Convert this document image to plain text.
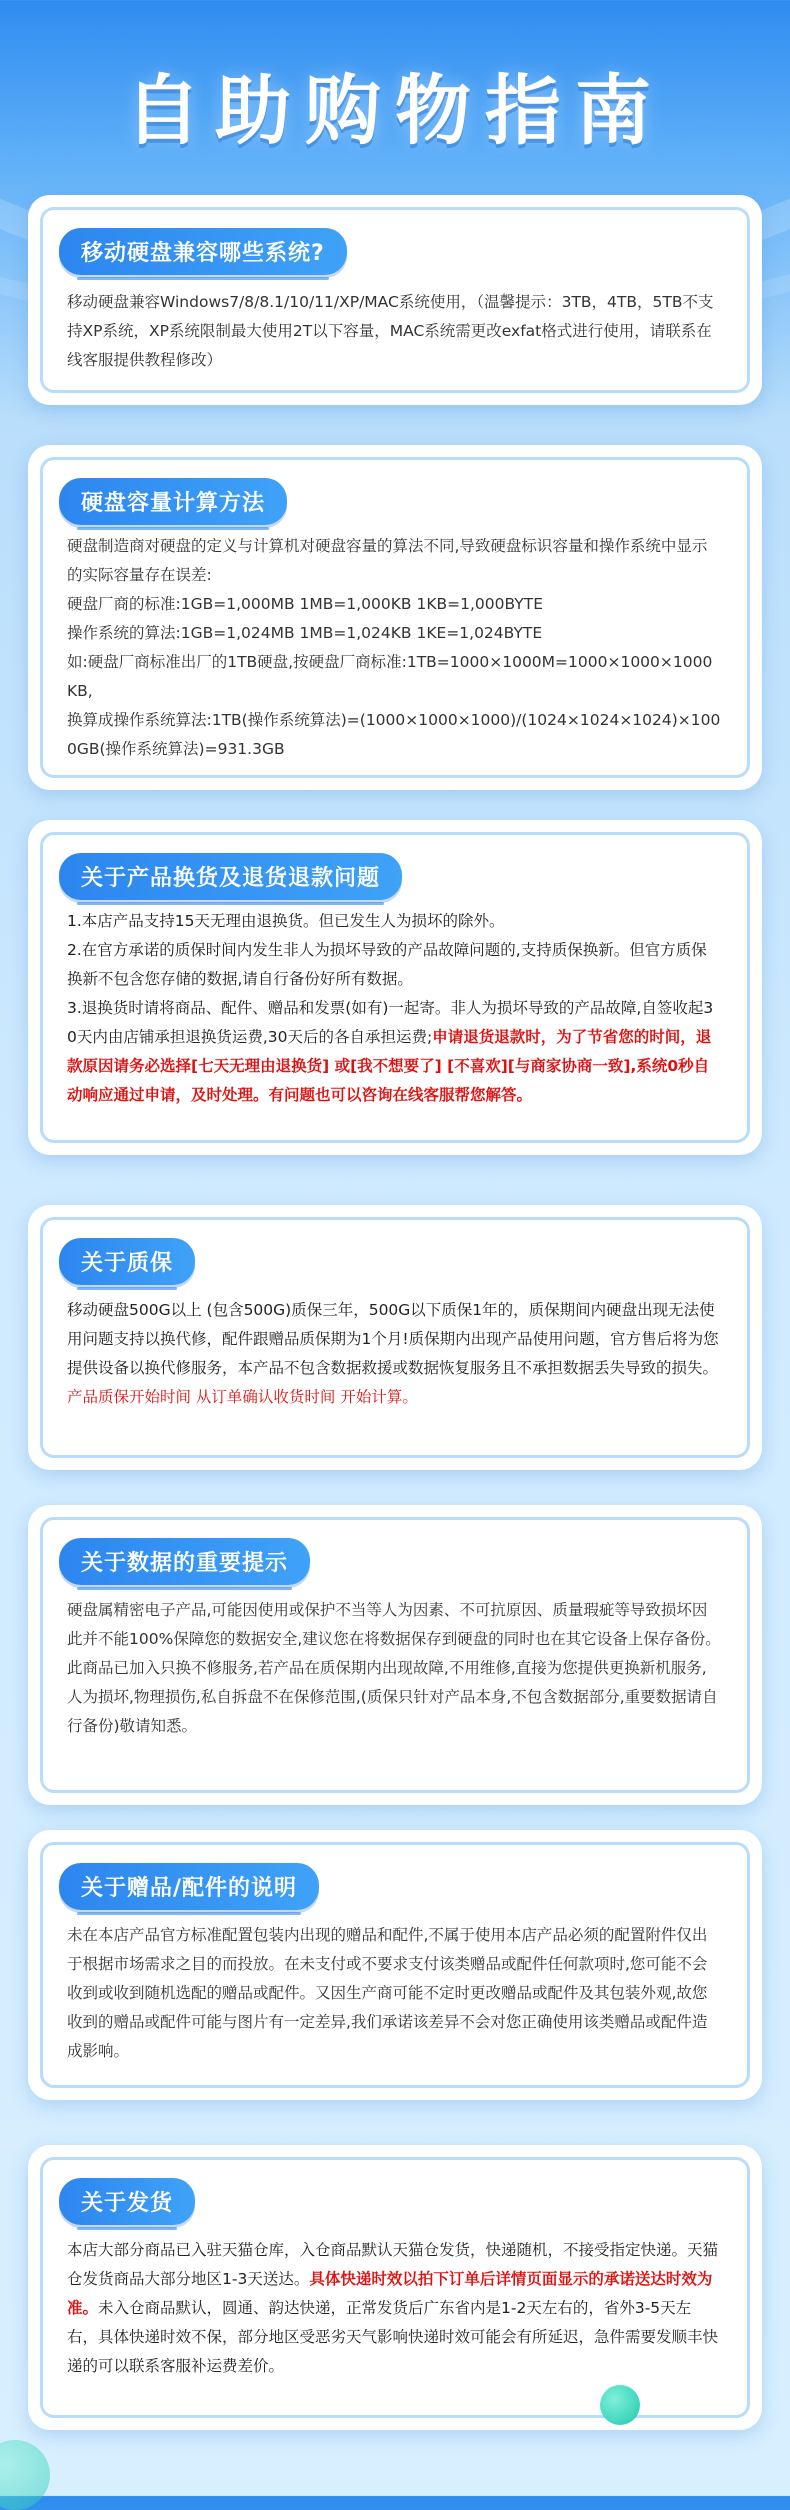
自助购物指南
移动硬盘兼容哪些系统?

移动硬盘兼容Windows7/8/8.1/10/11/XP/MAC系统使用，（温馨提示：3TB，4TB，5TB不支持XP系统，XP系统限制最大使用2T以下容量，MAC系统需更改exfat格式进行使用，请联系在线客服提供教程修改）

硬盘容量计算方法

硬盘制造商对硬盘的定义与计算机对硬盘容量的算法不同,导致硬盘标识容量和操作系统中显示的实际容量存在误差:
硬盘厂商的标准:1GB=1,000MB 1MB=1,000KB 1KB=1,000BYTE
操作系统的算法:1GB=1,024MB 1MB=1,024KB 1KE=1,024BYTE
如:硬盘厂商标准出厂的1TB硬盘,按硬盘厂商标准:1TB=1000×1000M=1000×1000×1000KB,
换算成操作系统算法:1TB(操作系统算法)=(1000×1000×1000)/(1024×1024×1024)×1000GB(操作系统算法)=931.3GB

关于产品换货及退货退款问题

1.本店产品支持15天无理由退换货。但已发生人为损坏的除外。
2.在官方承诺的质保时间内发生非人为损坏导致的产品故障问题的,支持质保换新。但官方质保换新不包含您存储的数据,请自行备份好所有数据。
3.退换货时请将商品、配件、赠品和发票(如有)一起寄。非人为损坏导致的产品故障,自签收起30天内由店铺承担退换货运费,30天后的各自承担运费;申请退货退款时，为了节省您的时间，退款原因请务必选择[七天无理由退换货] 或[我不想要了] [不喜欢][与商家协商一致],系统0秒自动响应通过申请，及时处理。有问题也可以咨询在线客服帮您解答。

关于质保

移动硬盘500G以上 (包含500G)质保三年，500G以下质保1年的，质保期间内硬盘出现无法使用问题支持以换代修，配件跟赠品质保期为1个月!质保期内出现产品使用问题，官方售后将为您提供设备以换代修服务，本产品不包含数据救援或数据恢复服务且不承担数据丢失导致的损失。产品质保开始时间 从订单确认收货时间 开始计算。

关于数据的重要提示

硬盘属精密电子产品,可能因使用或保护不当等人为因素、不可抗原因、质量瑕疵等导致损坏因此并不能100%保障您的数据安全,建议您在将数据保存到硬盘的同时也在其它设备上保存备份。此商品已加入只换不修服务,若产品在质保期内出现故障,不用维修,直接为您提供更换新机服务,人为损坏,物理损伤,私自拆盘不在保修范围,(质保只针对产品本身,不包含数据部分,重要数据请自行备份)敬请知悉。

关于赠品/配件的说明

未在本店产品官方标准配置包装内出现的赠品和配件,不属于使用本店产品必须的配置附件仅出于根据市场需求之目的而投放。在未支付或不要求支付该类赠品或配件任何款项时,您可能不会收到或收到随机选配的赠品或配件。又因生产商可能不定时更改赠品或配件及其包装外观,故您收到的赠品或配件可能与图片有一定差异,我们承诺该差异不会对您正确使用该类赠品或配件造成影响。

关于发货

本店大部分商品已入驻天猫仓库，入仓商品默认天猫仓发货，快递随机，不接受指定快递。天猫仓发货商品大部分地区1-3天送达。具体快递时效以拍下订单后详情页面显示的承诺送达时效为准。未入仓商品默认，圆通、韵达快递，正常发货后广东省内是1-2天左右的，省外3-5天左右，具体快递时效不保，部分地区受恶劣天气影响快递时效可能会有所延迟，急件需要发顺丰快递的可以联系客服补运费差价。
